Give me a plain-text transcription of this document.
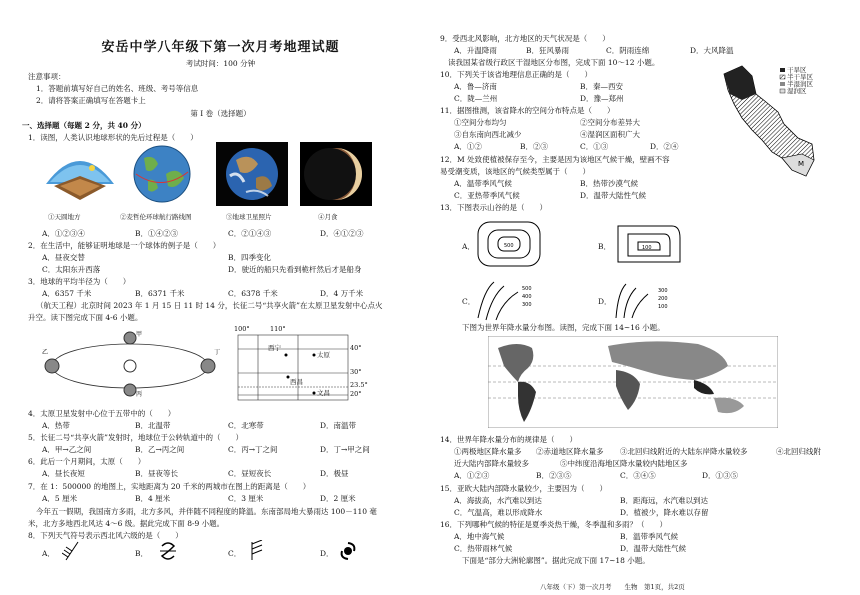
安岳中学八年级下第一次月考地理试题
考试时间：100 分钟
注意事项：
1．答题前填写好自己的姓名、班级、考号等信息
2．请将答案正确填写在答题卡上
第 I 卷（选择题）
一、选择题（每题 2 分，共 40 分）
1．读图，人类认识地球形状的先后过程是（　　）
①天圆地方	②麦哲伦环球航行路线图	③地球卫星照片	④月食
A．①②③④	B．①④②③	C．②①④③	D．④①②③
2．在生活中，能够证明地球是一个球体的例子是（　　）
A．昼夜交替	B．四季变化
C．太阳东升西落	D．驶近的船只先看到桅杆然后才是船身
3．地球的平均半径为（　　）
A．6357 千米	B．6371 千米	C．6378 千米	D．4 万千米
（航天工程）北京时间 2023 年 1 月 15 日 11 时 14 分，长征二号“共享火箭”在太原卫星发射中心点火
升空。读下图完成下面 4-6 小题。
乙	丁
甲
丙
100°	110°
40°
30°
23.5°
20°
西宁
太原
西昌
文昌
4．太原卫星发射中心位于五带中的（　　）
A．热带	B．北温带	C．北寒带	D．南温带
5．长征二号“共享火箭”发射时，地球位于公转轨道中的（　　）
A．甲→乙之间	B．乙→丙之间	C．丙→丁之间	D．丁→甲之间
6．此后一个月期间，太原（　　）
A．昼长夜短	B．昼夜等长	C．昼短夜长	D．极昼
7．在 1：500000 的地图上，实地距离为 20 千米的两城市在图上的距离是（　　）
A．5 厘米	B．4 厘米	C．3 厘米	D．2 厘米
今年五一假期，我国南方多雨，北方多风，并伴随不同程度的降温。东南部局地大暴雨达 100－110 毫
米，北方多地西北风达 4～6 级。据此完成下面 8-9 小题。
8．下列天气符号表示西北风六级的是（　　）
A．	B．	C．	D．
9．受西北风影响，北方地区的天气状况是（　　）
A．升温降雨	B．狂风暴雨	C．阴雨连绵	D．大风降温
读我国某省级行政区干湿地区分布图，完成下面 10～12 小题。
M
干旱区
半干旱区
半湿润区
湿润区
10．下列关于该省地理信息正确的是（　　）
A．鲁—济南	B．秦—西安
C．陇—兰州	D．豫—郑州
11．据图推测，该省降水的空间分布特点是（　　）
①空间分布均匀	②空间分布差异大
③自东南向西北减少	④湿润区面积广大
A．①②	B．②③	C．①③	D．②④
12．M 处致使植被保存至今，主要是因为该地区气候干燥，壁画不容
易受潮变质，该地区的气候类型属于（　　）
A．温带季风气候	B．热带沙漠气候
C．亚热带季风气候	D．温带大陆性气候
13．下图表示山谷的是（　　）
A．	500	B．	100
C．
500
400
300	D．
300
200
100
下图为世界年降水量分布图。读图，完成下面 14~16 小题。
14．世界年降水量分布的规律是（　　）
①两极地区降水量多 ②赤道地区降水量多 ③北回归线附近的大陆东岸降水量较多	④北回归线附
近大陆内部降水量较多	⑤中纬度沿海地区降水量较内陆地区多
A．①②③	B．②③⑤	C．③④⑤	D．①③⑤
15．亚欧大陆内部降水量较少，主要因为（　　）
A．海拔高，水汽难以到达	B．距海远，水汽难以到达
C．气温高，难以形成降水	D．植被少，降水难以存留
16．下列哪种气候的特征是夏季炎热干燥，冬季温和多雨？（　　）
A．地中海气候	B．温带季风气候
C．热带雨林气候	D．温带大陆性气候
下面是“部分大洲轮廓图”。据此完成下面 17~18 小题。
八年级（下）第一次月考　　生物　第1页，共2页
